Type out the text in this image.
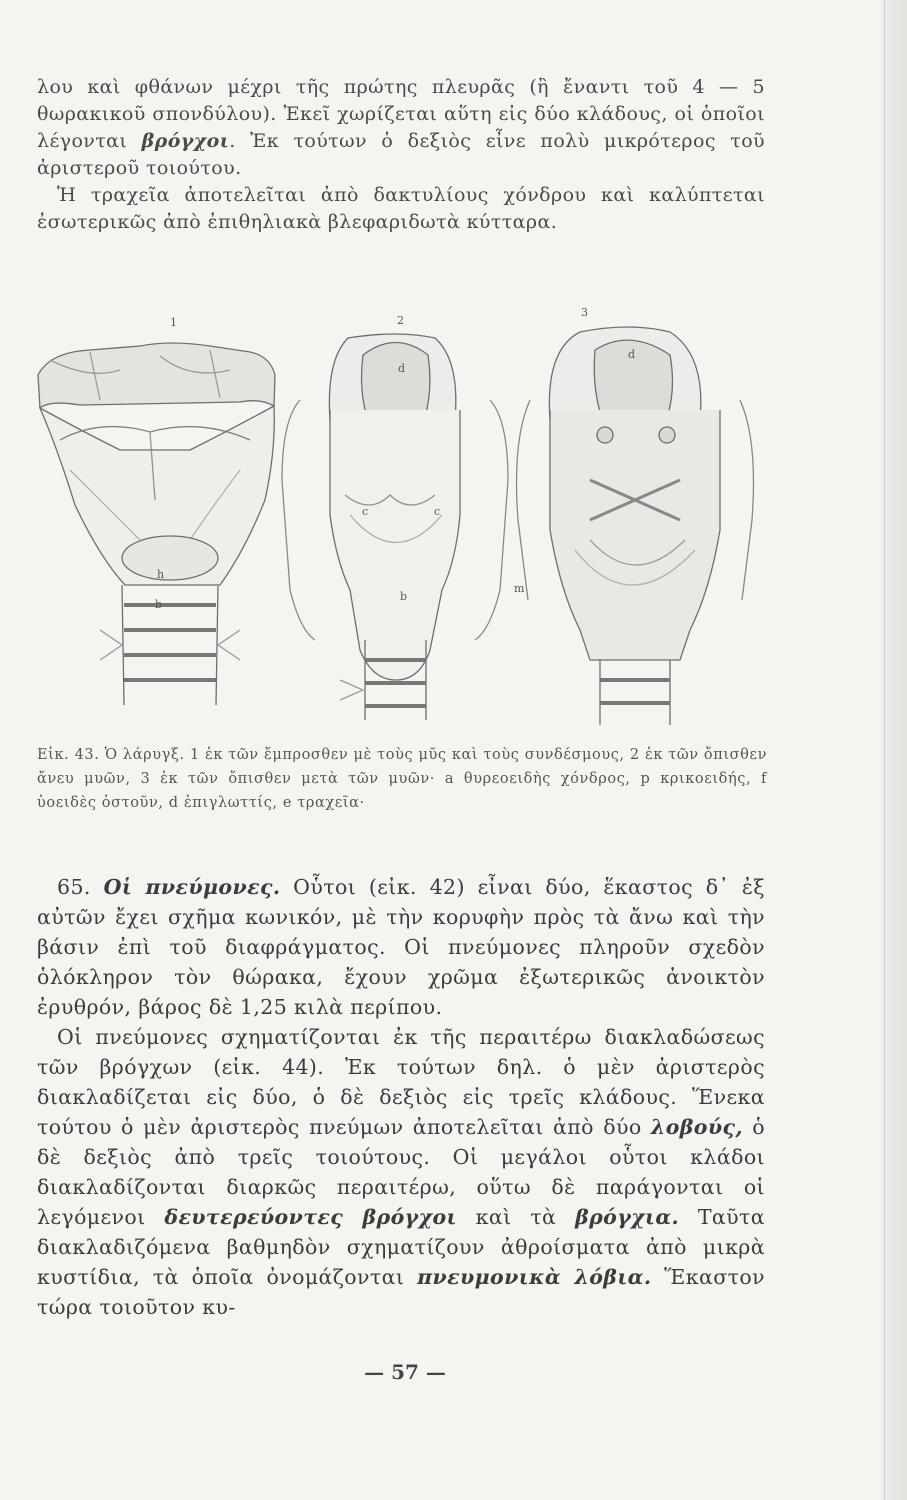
λου καὶ φθάνων μέχρι τῆς πρώτης πλευρᾶς (ἢ ἔναντι τοῦ 4 — 5 θωρακικοῦ σπονδύλου). Ἐκεῖ χωρίζεται αὕτη εἰς δύο κλάδους, οἱ ὁποῖοι λέγονται βρόγχοι. Ἐκ τούτων ὁ δεξιὸς εἶνε πολὺ μικρότερος τοῦ ἀριστεροῦ τοιούτου.

Ἡ τραχεῖα ἀποτελεῖται ἀπὸ δακτυλίους χόνδρου καὶ καλύπτεται ἐσωτερικῶς ἀπὸ ἐπιθηλιακὰ βλεφαριδωτὰ κύτταρα.

1	2
3
h
b
d
c	c
b
m
d
Εἰκ. 43. Ὁ λάρυγξ. 1 ἐκ τῶν ἔμπροσθεν μὲ τοὺς μῦς καὶ τοὺς συνδέσμους, 2 ἐκ τῶν ὄπισθεν ἄνευ μυῶν, 3 ἐκ τῶν ὄπισθεν μετὰ τῶν μυῶν· a θυρεοειδὴς χόνδρος, p κρικοειδής, f ὑοειδὲς ὀστοῦν, d ἐπιγλωττίς, e τραχεῖα·

65. Οἱ πνεύμονες. Οὗτοι (εἰκ. 42) εἶναι δύο, ἕκαστος δ᾽ ἐξ αὐτῶν ἔχει σχῆμα κωνικόν, μὲ τὴν κορυφὴν πρὸς τὰ ἄνω καὶ τὴν βάσιν ἐπὶ τοῦ διαφράγματος. Οἱ πνεύμονες πληροῦν σχεδὸν ὁλόκληρον τὸν θώρακα, ἔχουν χρῶμα ἐξωτερικῶς ἀνοικτὸν ἐρυθρόν, βάρος δὲ 1,25 κιλὰ περίπου.

Οἱ πνεύμονες σχηματίζονται ἐκ τῆς περαιτέρω διακλαδώσεως τῶν βρόγχων (εἰκ. 44). Ἐκ τούτων δηλ. ὁ μὲν ἀριστερὸς διακλαδίζεται εἰς δύο, ὁ δὲ δεξιὸς εἰς τρεῖς κλάδους. Ἕνεκα τούτου ὁ μὲν ἀριστερὸς πνεύμων ἀποτελεῖται ἀπὸ δύο λοβούς, ὁ δὲ δεξιὸς ἀπὸ τρεῖς τοιούτους. Οἱ μεγάλοι οὗτοι κλάδοι διακλαδίζονται διαρκῶς περαιτέρω, οὕτω δὲ παράγονται οἱ λεγόμενοι δευτερεύοντες βρόγχοι καὶ τὰ βρόγχια. Ταῦτα διακλαδιζόμενα βαθμηδὸν σχηματίζουν ἀθροίσματα ἀπὸ μικρὰ κυστίδια, τὰ ὁποῖα ὀνομάζονται πνευμονικὰ λόβια. Ἕκαστον τώρα τοιοῦτον κυ-

— 57 —
